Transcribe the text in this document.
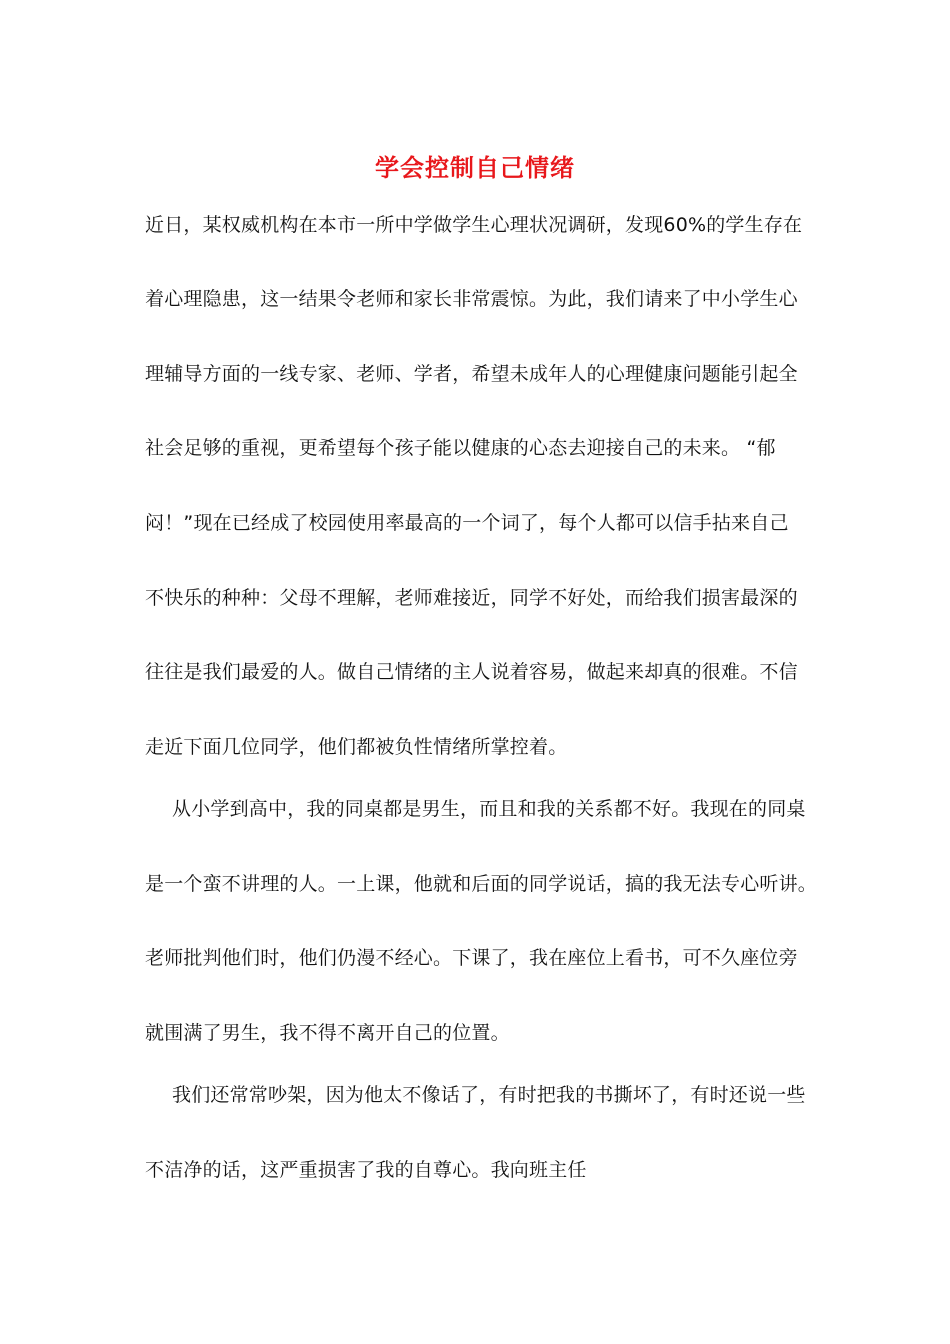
学会控制自己情绪
近日，某权威机构在本市一所中学做学生心理状况调研，发现60%的学生存在
着心理隐患，这一结果令老师和家长非常震惊。为此，我们请来了中小学生心
理辅导方面的一线专家、老师、学者，希望未成年人的心理健康问题能引起全
社会足够的重视，更希望每个孩子能以健康的心态去迎接自己的未来。 “郁
闷！”现在已经成了校园使用率最高的一个词了，每个人都可以信手拈来自己
不快乐的种种：父母不理解，老师难接近，同学不好处，而给我们损害最深的
往往是我们最爱的人。做自己情绪的主人说着容易，做起来却真的很难。不信
走近下面几位同学，他们都被负性情绪所掌控着。
从小学到高中，我的同桌都是男生，而且和我的关系都不好。我现在的同桌
是一个蛮不讲理的人。一上课，他就和后面的同学说话，搞的我无法专心听讲。
老师批判他们时，他们仍漫不经心。下课了，我在座位上看书，可不久座位旁
就围满了男生，我不得不离开自己的位置。
我们还常常吵架，因为他太不像话了，有时把我的书撕坏了，有时还说一些
不洁净的话，这严重损害了我的自尊心。我向班主任
